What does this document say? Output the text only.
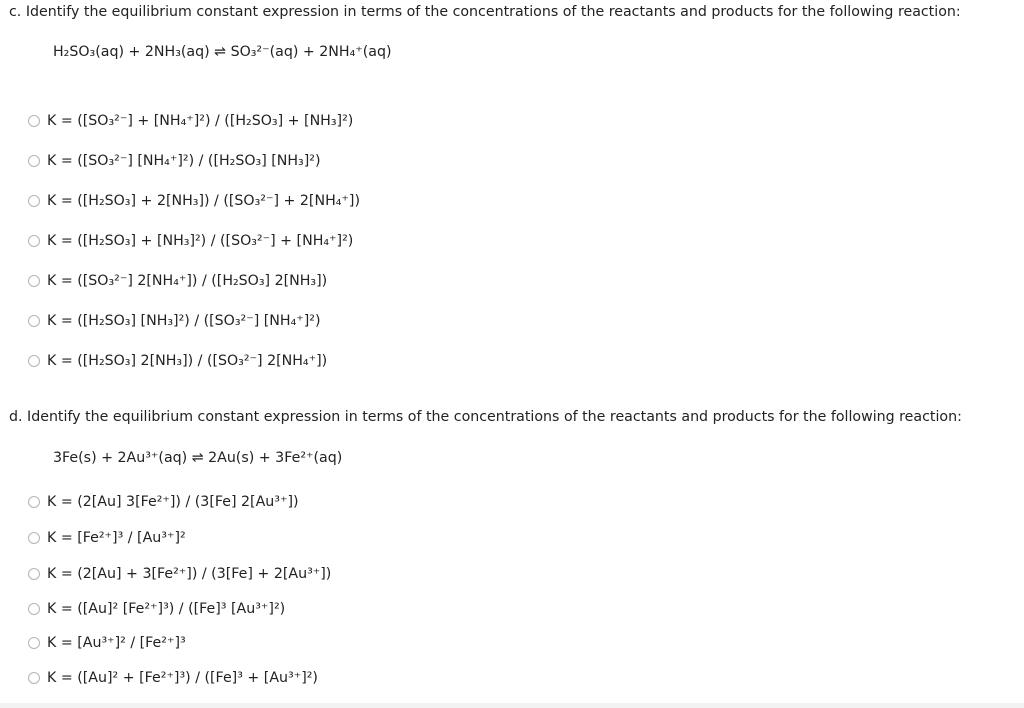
c. Identify the equilibrium constant expression in terms of the concentrations of the reactants and products for the following reaction:
H₂SO₃(aq) + 2NH₃(aq) ⇌ SO₃²⁻(aq) + 2NH₄⁺(aq)
K = ([SO₃²⁻] + [NH₄⁺]²) / ([H₂SO₃] + [NH₃]²)
K = ([SO₃²⁻] [NH₄⁺]²) / ([H₂SO₃] [NH₃]²)
K = ([H₂SO₃] + 2[NH₃]) / ([SO₃²⁻] + 2[NH₄⁺])
K = ([H₂SO₃] + [NH₃]²) / ([SO₃²⁻] + [NH₄⁺]²)
K = ([SO₃²⁻] 2[NH₄⁺]) / ([H₂SO₃] 2[NH₃])
K = ([H₂SO₃] [NH₃]²) / ([SO₃²⁻] [NH₄⁺]²)
K = ([H₂SO₃] 2[NH₃]) / ([SO₃²⁻] 2[NH₄⁺])
d. Identify the equilibrium constant expression in terms of the concentrations of the reactants and products for the following reaction:
3Fe(s) + 2Au³⁺(aq) ⇌ 2Au(s) + 3Fe²⁺(aq)
K = (2[Au] 3[Fe²⁺]) / (3[Fe] 2[Au³⁺])
K = [Fe²⁺]³ / [Au³⁺]²
K = (2[Au] + 3[Fe²⁺]) / (3[Fe] + 2[Au³⁺])
K = ([Au]² [Fe²⁺]³) / ([Fe]³ [Au³⁺]²)
K = [Au³⁺]² / [Fe²⁺]³
K = ([Au]² + [Fe²⁺]³) / ([Fe]³ + [Au³⁺]²)
